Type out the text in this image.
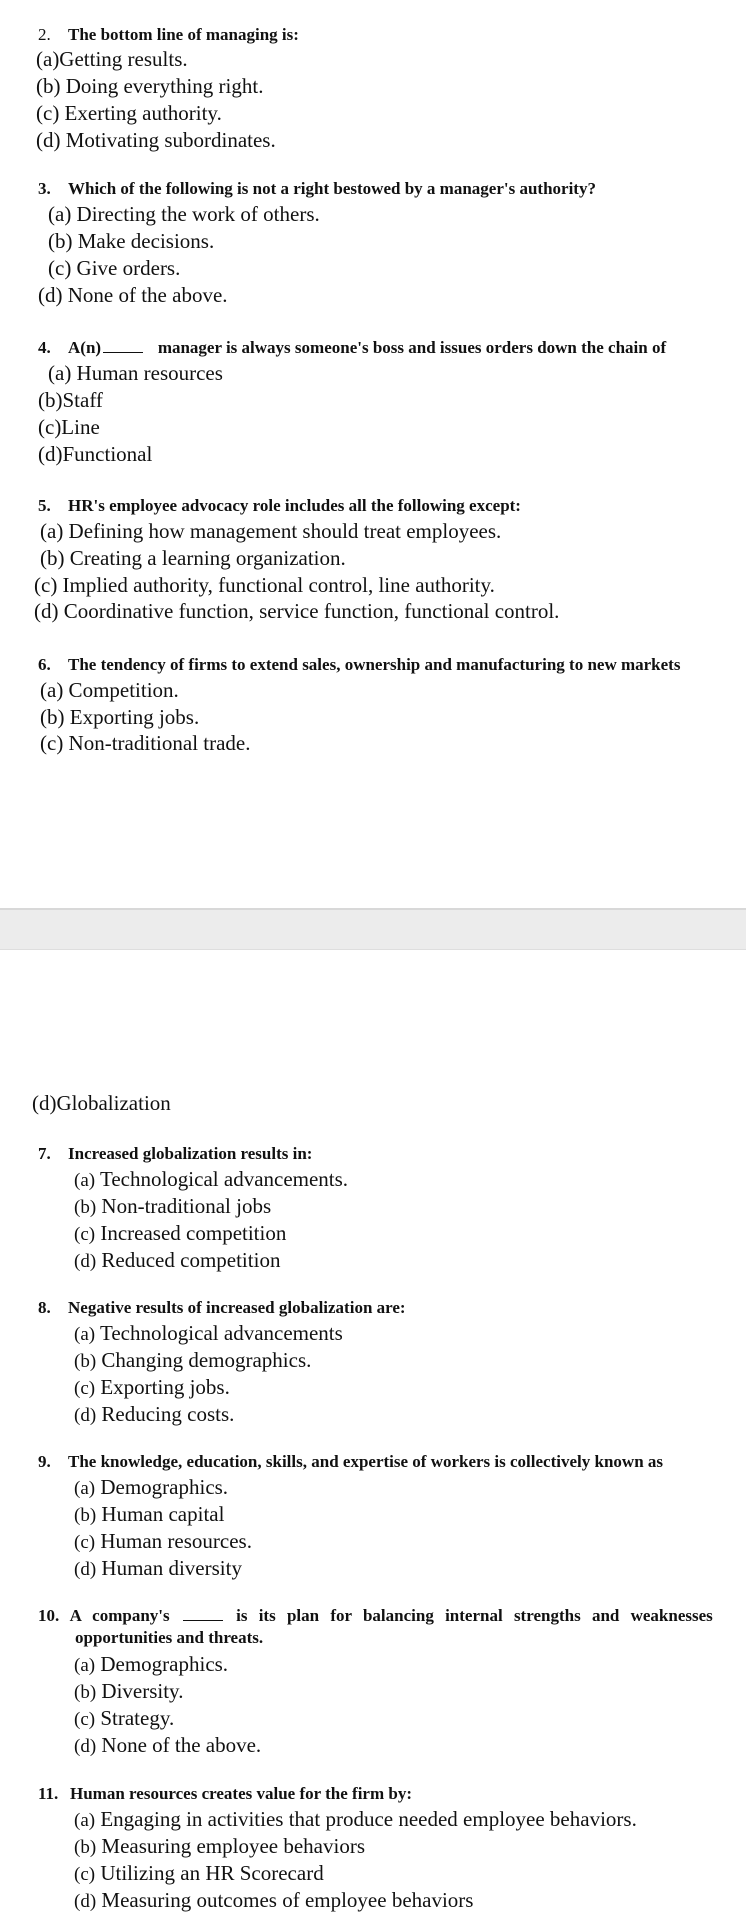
2. The bottom line of managing is:
(a)Getting results.
(b) Doing everything right.
(c) Exerting authority.
(d) Motivating subordinates.
3. Which of the following is not a right bestowed by a manager's authority?
(a) Directing the work of others.
(b) Make decisions.
(c) Give orders.
(d) None of the above.
4. A(n)	manager is always someone's boss and issues orders down the chain of
(a) Human resources
(b)Staff
(c)Line
(d)Functional
5. HR's employee advocacy role includes all the following except:
(a) Defining how management should treat employees.
(b) Creating a learning organization.
(c) Implied authority, functional control, line authority.
(d) Coordinative function, service function, functional control.
6. The tendency of firms to extend sales, ownership and manufacturing to new markets
(a) Competition.
(b) Exporting jobs.
(c) Non-traditional trade.
(d)Globalization
7. Increased globalization results in:
(a) Technological advancements.
(b) Non-traditional jobs
(c) Increased competition
(d) Reduced competition
8. Negative results of increased globalization are:
(a) Technological advancements
(b) Changing demographics.
(c) Exporting jobs.
(d) Reducing costs.
9. The knowledge, education, skills, and expertise of workers is collectively known as
(a) Demographics.
(b) Human capital
(c) Human resources.
(d) Human diversity
10. A company's	is its plan for balancing internal strengths and weaknesses
opportunities and threats.
(a) Demographics.
(b) Diversity.
(c) Strategy.
(d) None of the above.
11. Human resources creates value for the firm by:
(a) Engaging in activities that produce needed employee behaviors.
(b) Measuring employee behaviors
(c) Utilizing an HR Scorecard
(d) Measuring outcomes of employee behaviors
